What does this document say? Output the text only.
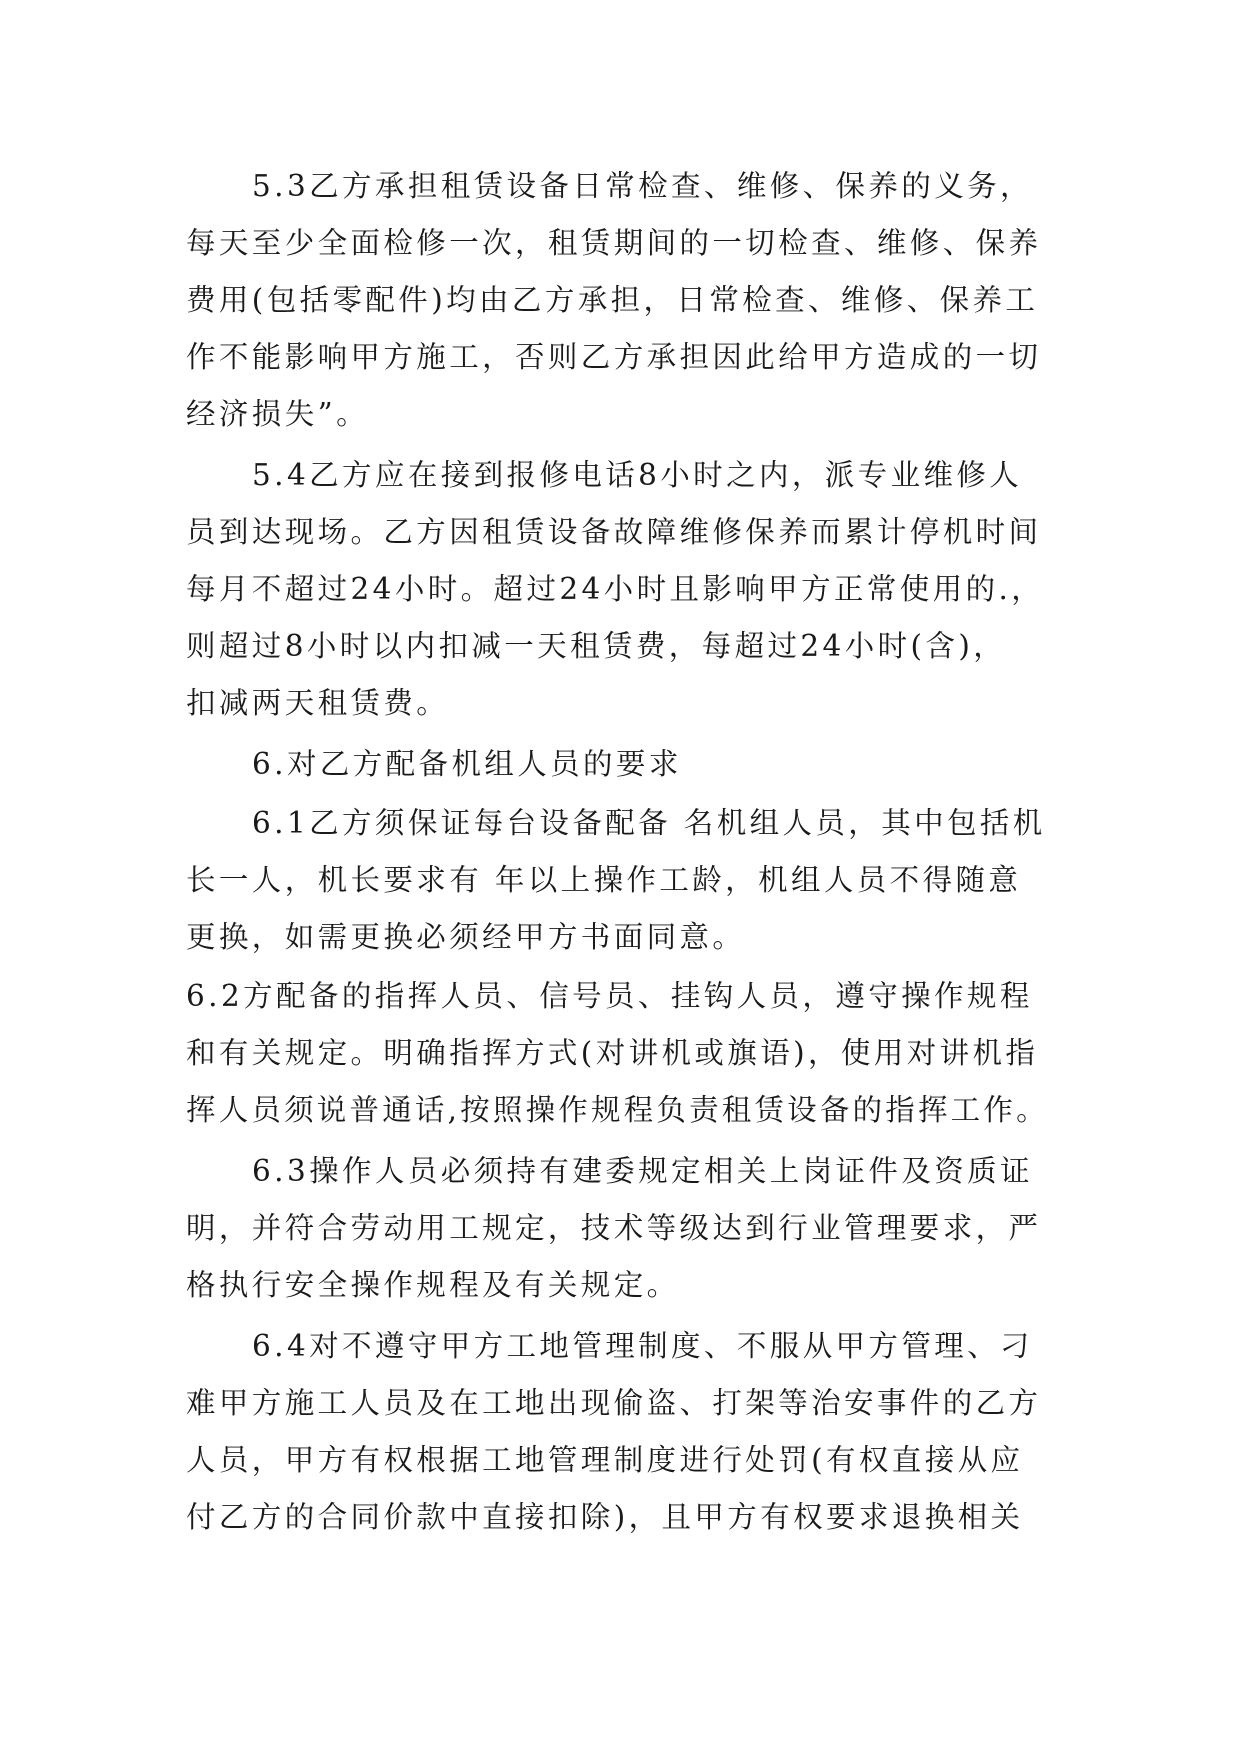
5.3乙方承担租赁设备日常检查、维修、保养的义务，
每天至少全面检修一次，租赁期间的一切检查、维修、保养
费用(包括零配件)均由乙方承担，日常检查、维修、保养工
作不能影响甲方施工，否则乙方承担因此给甲方造成的一切
经济损失”。
5.4乙方应在接到报修电话8小时之内，派专业维修人
员到达现场。乙方因租赁设备故障维修保养而累计停机时间
每月不超过24小时。超过24小时且影响甲方正常使用的.，
则超过8小时以内扣减一天租赁费，每超过24小时(含)，
扣减两天租赁费。
6.对乙方配备机组人员的要求
6.1乙方须保证每台设备配备 名机组人员，其中包括机
长一人，机长要求有 年以上操作工龄，机组人员不得随意
更换，如需更换必须经甲方书面同意。
6.2方配备的指挥人员、信号员、挂钩人员，遵守操作规程
和有关规定。明确指挥方式(对讲机或旗语)，使用对讲机指
挥人员须说普通话,按照操作规程负责租赁设备的指挥工作。
6.3操作人员必须持有建委规定相关上岗证件及资质证
明，并符合劳动用工规定，技术等级达到行业管理要求，严
格执行安全操作规程及有关规定。
6.4对不遵守甲方工地管理制度、不服从甲方管理、刁
难甲方施工人员及在工地出现偷盗、打架等治安事件的乙方
人员，甲方有权根据工地管理制度进行处罚(有权直接从应
付乙方的合同价款中直接扣除)，且甲方有权要求退换相关
